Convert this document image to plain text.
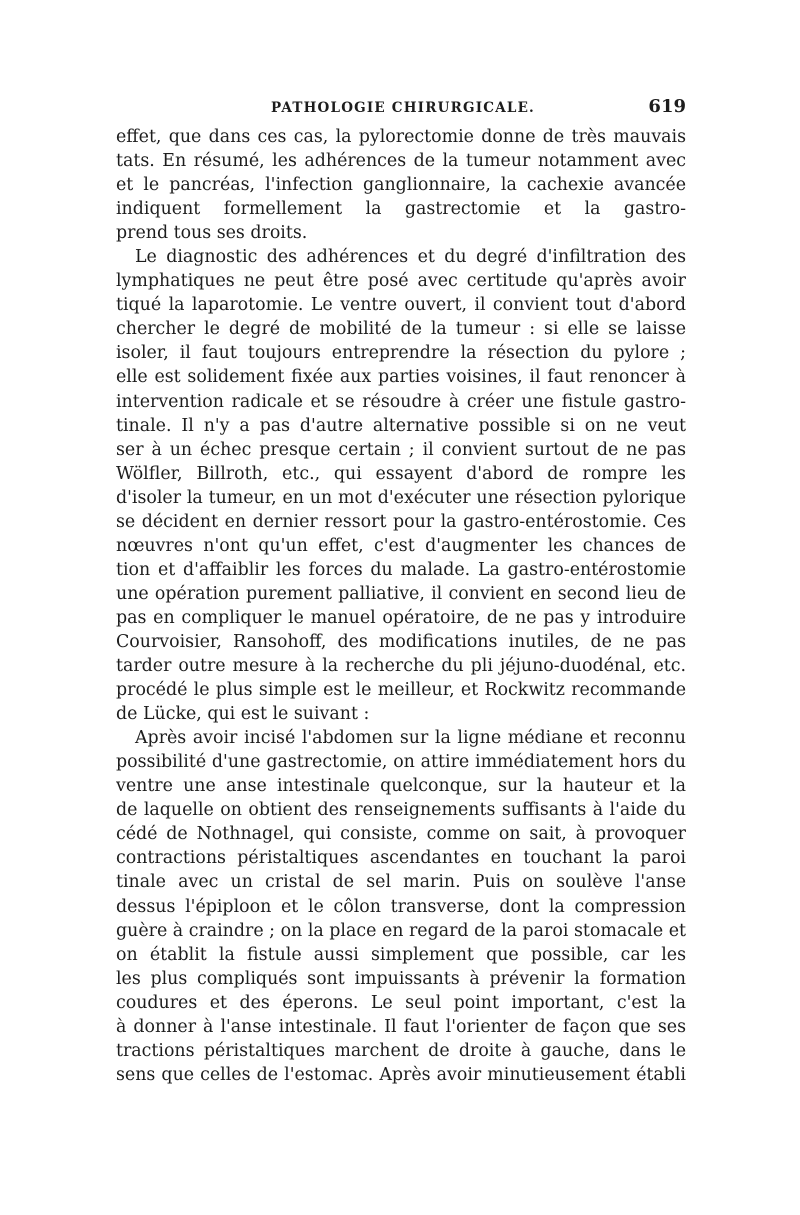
PATHOLOGIE CHIRURGICALE.	619
effet, que dans ces cas, la pylorectomie donne de très mauvais
tats. En résumé, les adhérences de la tumeur notamment avec
et le pancréas, l'infection ganglionnaire, la cachexie avancée
indiquent formellement la gastrectomie et la gastro-
prend tous ses droits.
Le diagnostic des adhérences et du degré d'infiltration des
lymphatiques ne peut être posé avec certitude qu'après avoir
tiqué la laparotomie. Le ventre ouvert, il convient tout d'abord
chercher le degré de mobilité de la tumeur : si elle se laisse
isoler, il faut toujours entreprendre la résection du pylore ;
elle est solidement fixée aux parties voisines, il faut renoncer à
intervention radicale et se résoudre à créer une fistule gastro-
tinale. Il n'y a pas d'autre alternative possible si on ne veut
ser à un échec presque certain ; il convient surtout de ne pas
Wölfler, Billroth, etc., qui essayent d'abord de rompre les
d'isoler la tumeur, en un mot d'exécuter une résection pylorique
se décident en dernier ressort pour la gastro-entérostomie. Ces
nœuvres n'ont qu'un effet, c'est d'augmenter les chances de
tion et d'affaiblir les forces du malade. La gastro-entérostomie
une opération purement palliative, il convient en second lieu de
pas en compliquer le manuel opératoire, de ne pas y introduire
Courvoisier, Ransohoff, des modifications inutiles, de ne pas
tarder outre mesure à la recherche du pli jéjuno-duodénal, etc.
procédé le plus simple est le meilleur, et Rockwitz recommande
de Lücke, qui est le suivant :
Après avoir incisé l'abdomen sur la ligne médiane et reconnu
possibilité d'une gastrectomie, on attire immédiatement hors du
ventre une anse intestinale quelconque, sur la hauteur et la
de laquelle on obtient des renseignements suffisants à l'aide du
cédé de Nothnagel, qui consiste, comme on sait, à provoquer
contractions péristaltiques ascendantes en touchant la paroi
tinale avec un cristal de sel marin. Puis on soulève l'anse
dessus l'épiploon et le côlon transverse, dont la compression
guère à craindre ; on la place en regard de la paroi stomacale et
on établit la fistule aussi simplement que possible, car les
les plus compliqués sont impuissants à prévenir la formation
coudures et des éperons. Le seul point important, c'est la
à donner à l'anse intestinale. Il faut l'orienter de façon que ses
tractions péristaltiques marchent de droite à gauche, dans le
sens que celles de l'estomac. Après avoir minutieusement établi
